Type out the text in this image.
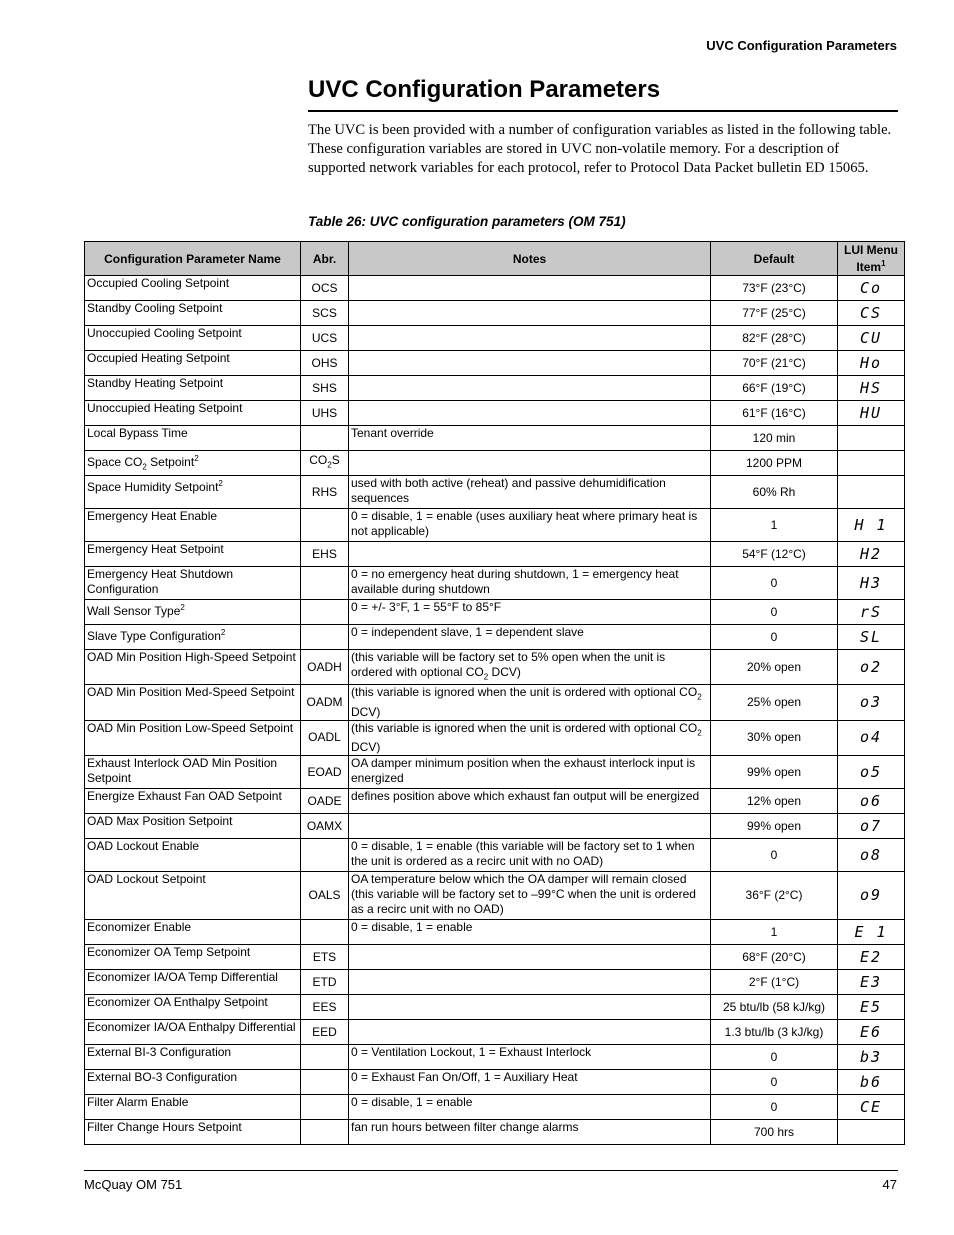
UVC Configuration Parameters
UVC Configuration Parameters

The UVC is been provided with a number of configuration variables as listed in the following table. These configuration variables are stored in UVC non-volatile memory. For a description of supported network variables for each protocol, refer to Protocol Data Packet bulletin ED 15065.

Table 26: UVC configuration parameters (OM 751)

Configuration Parameter Name	Abr.	Notes	Default	LUI Menu Item$^1$
Occupied Cooling Setpoint	OCS		73°F (23°C)	Co
Standby Cooling Setpoint	SCS		77°F (25°C)	CS
Unoccupied Cooling Setpoint	UCS		82°F (28°C)	CU
Occupied Heating Setpoint	OHS		70°F (21°C)	Ho
Standby Heating Setpoint	SHS		66°F (19°C)	HS
Unoccupied Heating Setpoint	UHS		61°F (16°C)	HU
Local Bypass Time		Tenant override	120 min	
Space $CO_2$ Setpoint$^2$	$CO_2S$		1200 PPM	
Space Humidity Setpoint$^2$	RHS	used with both active (reheat) and passive dehumidification sequences	60% Rh	
Emergency Heat Enable		0 = disable, 1 = enable (uses auxiliary heat where primary heat is not applicable)	1	H 1
Emergency Heat Setpoint	EHS		54°F (12°C)	H2
Emergency Heat Shutdown Configuration		0 = no emergency heat during shutdown, 1 = emergency heat available during shutdown	0	H3
Wall Sensor Type$^2$		0 = +/- 3°F, 1 = 55°F to 85°F	0	rS
Slave Type Configuration$^2$		0 = independent slave, 1 = dependent slave	0	SL
OAD Min Position High-Speed Setpoint	OADH	(this variable will be factory set to 5% open when the unit is ordered with optional $CO_2$ DCV)	20% open	o2
OAD Min Position Med-Speed Setpoint	OADM	(this variable is ignored when the unit is ordered with optional $CO_2$ DCV)	25% open	o3
OAD Min Position Low-Speed Setpoint	OADL	(this variable is ignored when the unit is ordered with optional $CO_2$ DCV)	30% open	o4
Exhaust Interlock OAD Min Position Setpoint	EOAD	OA damper minimum position when the exhaust interlock input is energized	99% open	o5
Energize Exhaust Fan OAD Setpoint	OADE	defines position above which exhaust fan output will be energized	12% open	o6
OAD Max Position Setpoint	OAMX		99% open	o7
OAD Lockout Enable		0 = disable, 1 = enable (this variable will be factory set to 1 when the unit is ordered as a recirc unit with no OAD)	0	o8
OAD Lockout Setpoint	OALS	OA temperature below which the OA damper will remain closed (this variable will be factory set to –99°C when the unit is ordered as a recirc unit with no OAD)	36°F (2°C)	o9
Economizer Enable		0 = disable, 1 = enable	1	E 1
Economizer OA Temp Setpoint	ETS		68°F (20°C)	E2
Economizer IA/OA Temp Differential	ETD		2°F (1°C)	E3
Economizer OA Enthalpy Setpoint	EES		25 btu/lb (58 kJ/kg)	E5
Economizer IA/OA Enthalpy Differential	EED		1.3 btu/lb (3 kJ/kg)	E6
External BI-3 Configuration		0 = Ventilation Lockout, 1 = Exhaust Interlock	0	b3
External BO-3 Configuration		0 = Exhaust Fan On/Off, 1 = Auxiliary Heat	0	b6
Filter Alarm Enable		0 = disable, 1 = enable	0	CE
Filter Change Hours Setpoint		fan run hours between filter change alarms	700 hrs	
McQuay OM 751	47
